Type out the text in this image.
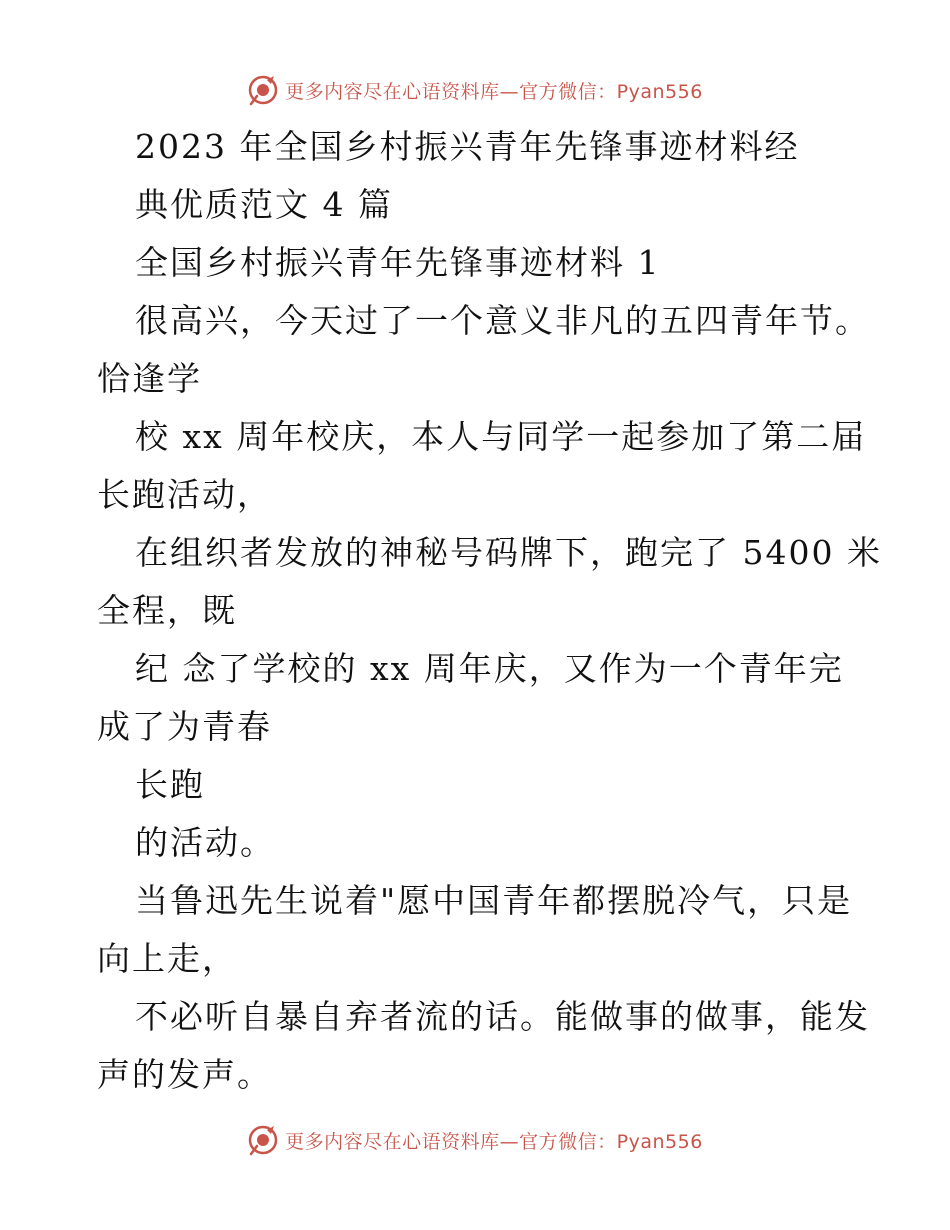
更多内容尽在心语资料库—官方微信：Pyan556
2023 年全国乡村振兴青年先锋事迹材料经
典优质范文 4 篇
全国乡村振兴青年先锋事迹材料 1
很高兴，今天过了一个意义非凡的五四青年节。
恰逢学
校 xx 周年校庆，本人与同学一起参加了第二届
长跑活动，
在组织者发放的神秘号码牌下，跑完了 5400 米
全程，既
纪 念了学校的 xx 周年庆，又作为一个青年完
成了为青春
长跑
的活动。
当鲁迅先生说着"愿中国青年都摆脱冷气，只是
向上走，
不必听自暴自弃者流的话。能做事的做事，能发
声的发声。
更多内容尽在心语资料库—官方微信：Pyan556
